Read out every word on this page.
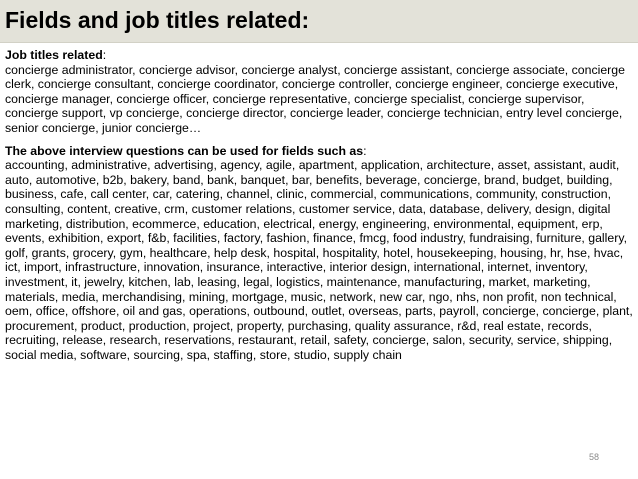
Fields and job titles related:

Job titles related:

concierge administrator, concierge advisor, concierge analyst, concierge assistant, concierge associate, concierge clerk, concierge consultant, concierge coordinator, concierge controller, concierge engineer, concierge executive, concierge manager, concierge officer, concierge representative, concierge specialist, concierge supervisor, concierge support, vp concierge, concierge director, concierge leader, concierge technician, entry level concierge, senior concierge, junior concierge…

The above interview questions can be used for fields such as:

accounting, administrative, advertising, agency, agile, apartment, application, architecture, asset, assistant, audit, auto, automotive, b2b, bakery, band, bank, banquet, bar, benefits, beverage, concierge, brand, budget, building, business, cafe, call center, car, catering, channel, clinic, commercial, communications, community, construction, consulting, content, creative, crm, customer relations, customer service, data, database, delivery, design, digital marketing, distribution, ecommerce, education, electrical, energy, engineering, environmental, equipment, erp, events, exhibition, export, f&b, facilities, factory, fashion, finance, fmcg, food industry, fundraising, furniture, gallery, golf, grants, grocery, gym, healthcare, help desk, hospital, hospitality, hotel, housekeeping, housing, hr, hse, hvac, ict, import, infrastructure, innovation, insurance, interactive, interior design, international, internet, inventory, investment, it, jewelry, kitchen, lab, leasing, legal, logistics, maintenance, manufacturing, market, marketing, materials, media, merchandising, mining, mortgage, music, network, new car, ngo, nhs, non profit, non technical, oem, office, offshore, oil and gas, operations, outbound, outlet, overseas, parts, payroll, concierge, concierge, plant, procurement, product, production, project, property, purchasing, quality assurance, r&d, real estate, records, recruiting, release, research, reservations, restaurant, retail, safety, concierge, salon, security, service, shipping, social media, software, sourcing, spa, staffing, store, studio, supply chain

58
